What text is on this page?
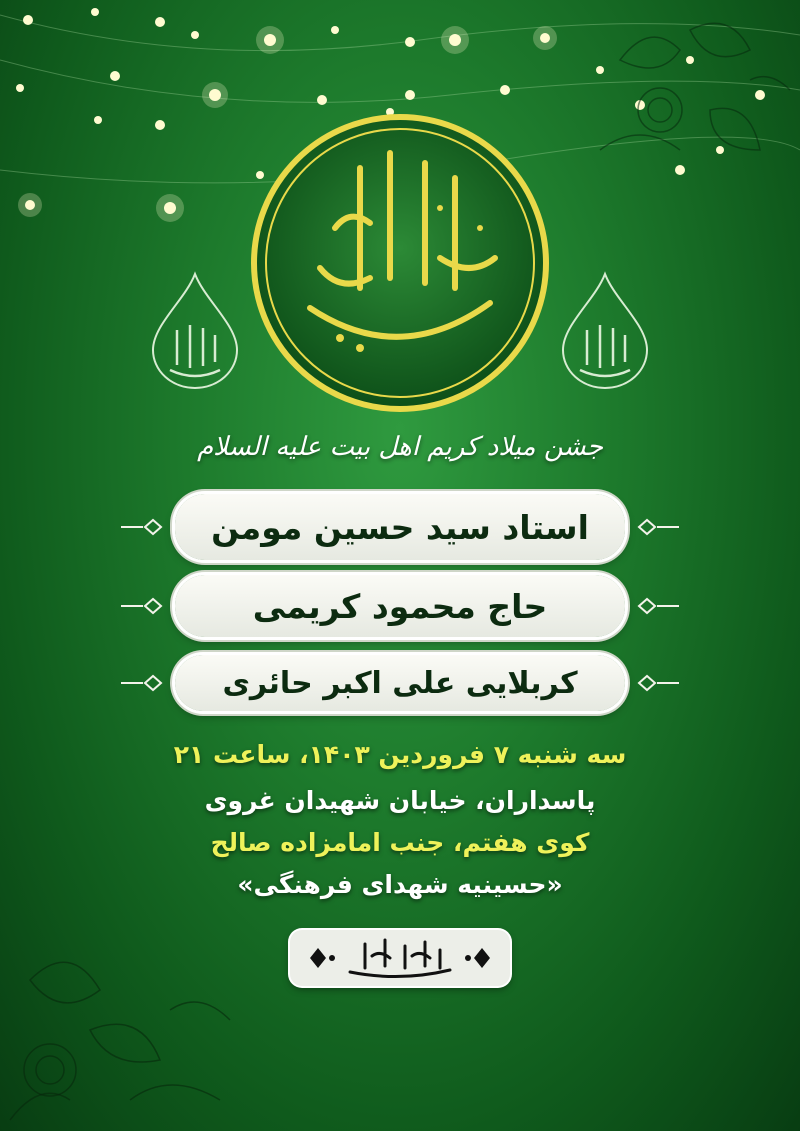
جشن میلاد کریم اهل بیت علیه السلام
استاد سید حسین مومن
حاج محمود کریمی
کربلایی علی اکبر حائری
سه شنبه ۷ فروردین ۱۴۰۳، ساعت ۲۱
پاسداران، خیابان شهیدان غروی
کوی هفتم، جنب امامزاده صالح
«حسینیه شهدای فرهنگی»
